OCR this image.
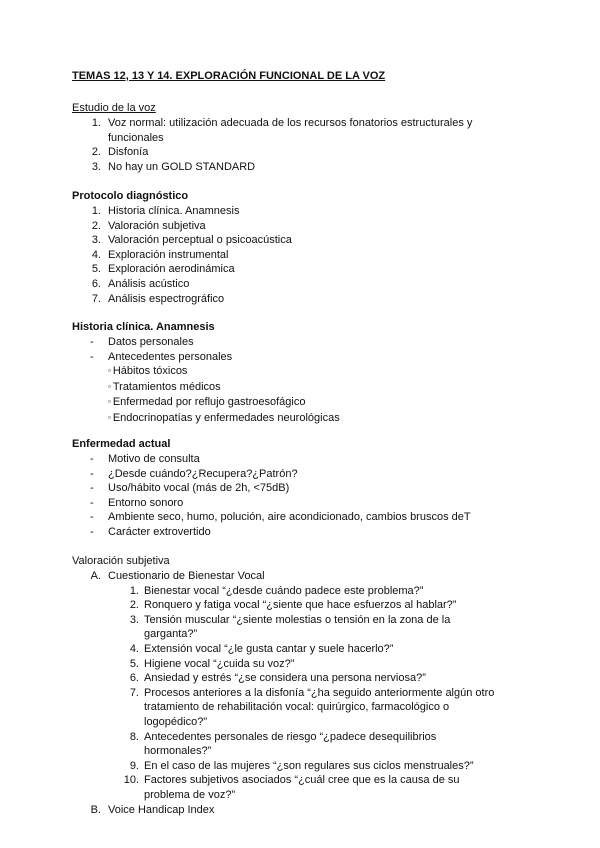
TEMAS 12, 13 Y 14. EXPLORACIÓN FUNCIONAL DE LA VOZ
Estudio de la voz
1. Voz normal: utilización adecuada de los recursos fonatorios estructurales y funcionales
2. Disfonía
3. No hay un GOLD STANDARD
Protocolo diagnóstico
1. Historia clínica. Anamnesis
2. Valoración subjetiva
3. Valoración perceptual o psicoacústica
4. Exploración instrumental
5. Exploración aerodinámica
6. Análisis acústico
7. Análisis espectrográfico
Historia clínica. Anamnesis
-	Datos personales
-	Antecedentes personales
▫ Hábitos tóxicos
▫ Tratamientos médicos
▫ Enfermedad por reflujo gastroesofágico
▫ Endocrinopatías y enfermedades neurológicas
Enfermedad actual
-	Motivo de consulta
-	¿Desde cuándo?¿Recupera?¿Patrón?
-	Uso/hábito vocal (más de 2h, <75dB)
-	Entorno sonoro
-	Ambiente seco, humo, polución, aire acondicionado, cambios bruscos deT
-	Carácter extrovertido
Valoración subjetiva
A. Cuestionario de Bienestar Vocal
1. Bienestar vocal “¿desde cuándo padece este problema?”
2. Ronquero y fatiga vocal “¿siente que hace esfuerzos al hablar?”
3. Tensión muscular “¿siente molestias o tensión en la zona de la garganta?”
4. Extensión vocal “¿le gusta cantar y suele hacerlo?”
5. Higiene vocal “¿cuida su voz?”
6. Ansiedad y estrés “¿se considera una persona nerviosa?”
7. Procesos anteriores a la disfonía “¿ha seguido anteriormente algún otro tratamiento de rehabilitación vocal: quirúrgico, farmacológico o logopédico?”
8. Antecedentes personales de riesgo “¿padece desequilibrios hormonales?”
9. En el caso de las mujeres “¿son regulares sus ciclos menstruales?”
10. Factores subjetivos asociados “¿cuál cree que es la causa de su problema de voz?”
B. Voice Handicap Index
